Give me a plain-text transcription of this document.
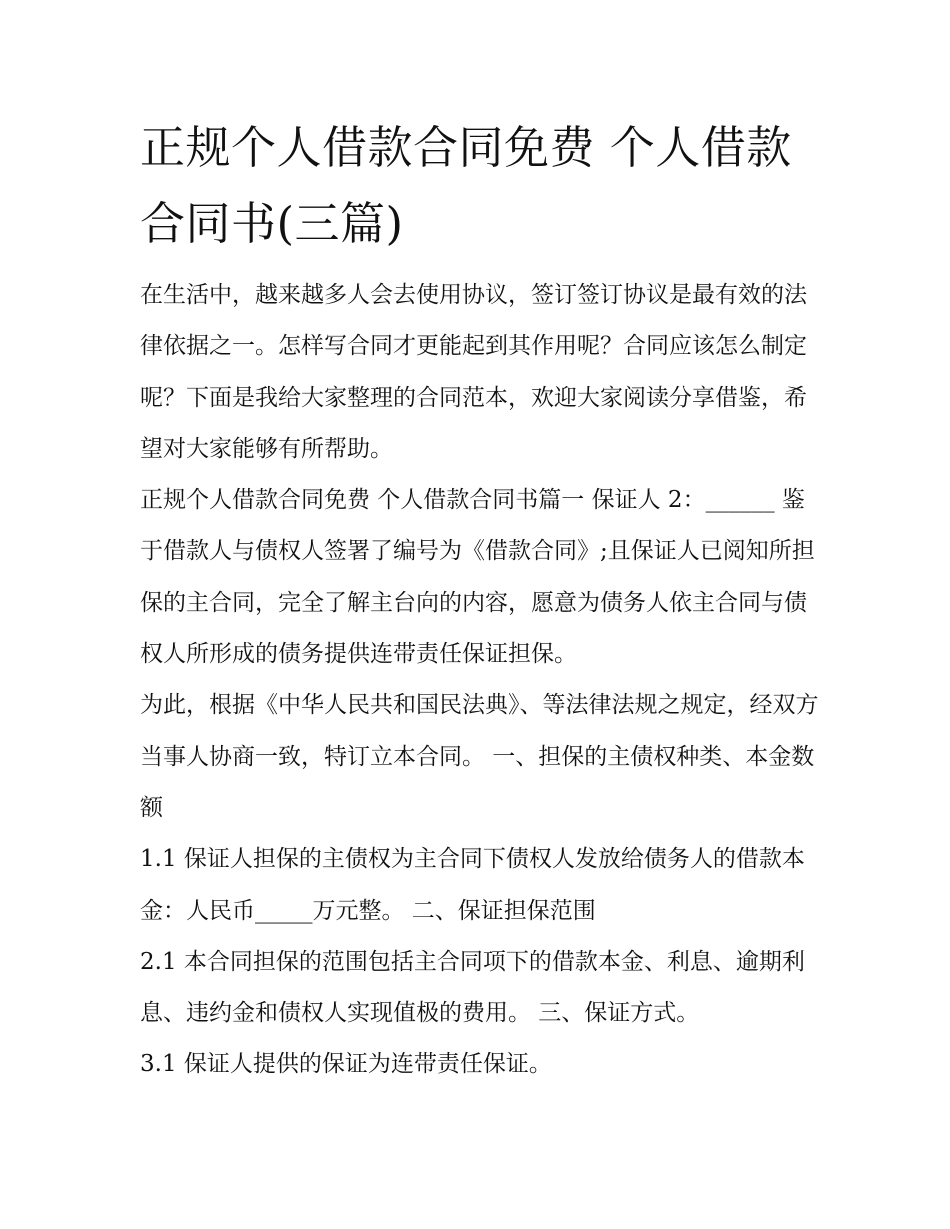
正规个人借款合同免费 个人借款合同书(三篇)

在生活中，越来越多人会去使用协议，签订签订协议是最有效的法律依据之一。怎样写合同才更能起到其作用呢？合同应该怎么制定呢？下面是我给大家整理的合同范本，欢迎大家阅读分享借鉴，希望对大家能够有所帮助。

正规个人借款合同免费 个人借款合同书篇一 保证人 2：______ 鉴于借款人与债权人签署了编号为《借款合同》;且保证人已阅知所担保的主合同，完全了解主台向的内容，愿意为债务人依主合同与债权人所形成的债务提供连带责任保证担保。

为此，根据《中华人民共和国民法典》、等法律法规之规定，经双方当事人协商一致，特订立本合同。 一、担保的主债权种类、本金数额

1.1 保证人担保的主债权为主合同下债权人发放给债务人的借款本金：人民币_____万元整。 二、保证担保范围

2.1 本合同担保的范围包括主合同项下的借款本金、利息、逾期利息、违约金和债权人实现值极的费用。 三、保证方式。

3.1 保证人提供的保证为连带责任保证。
